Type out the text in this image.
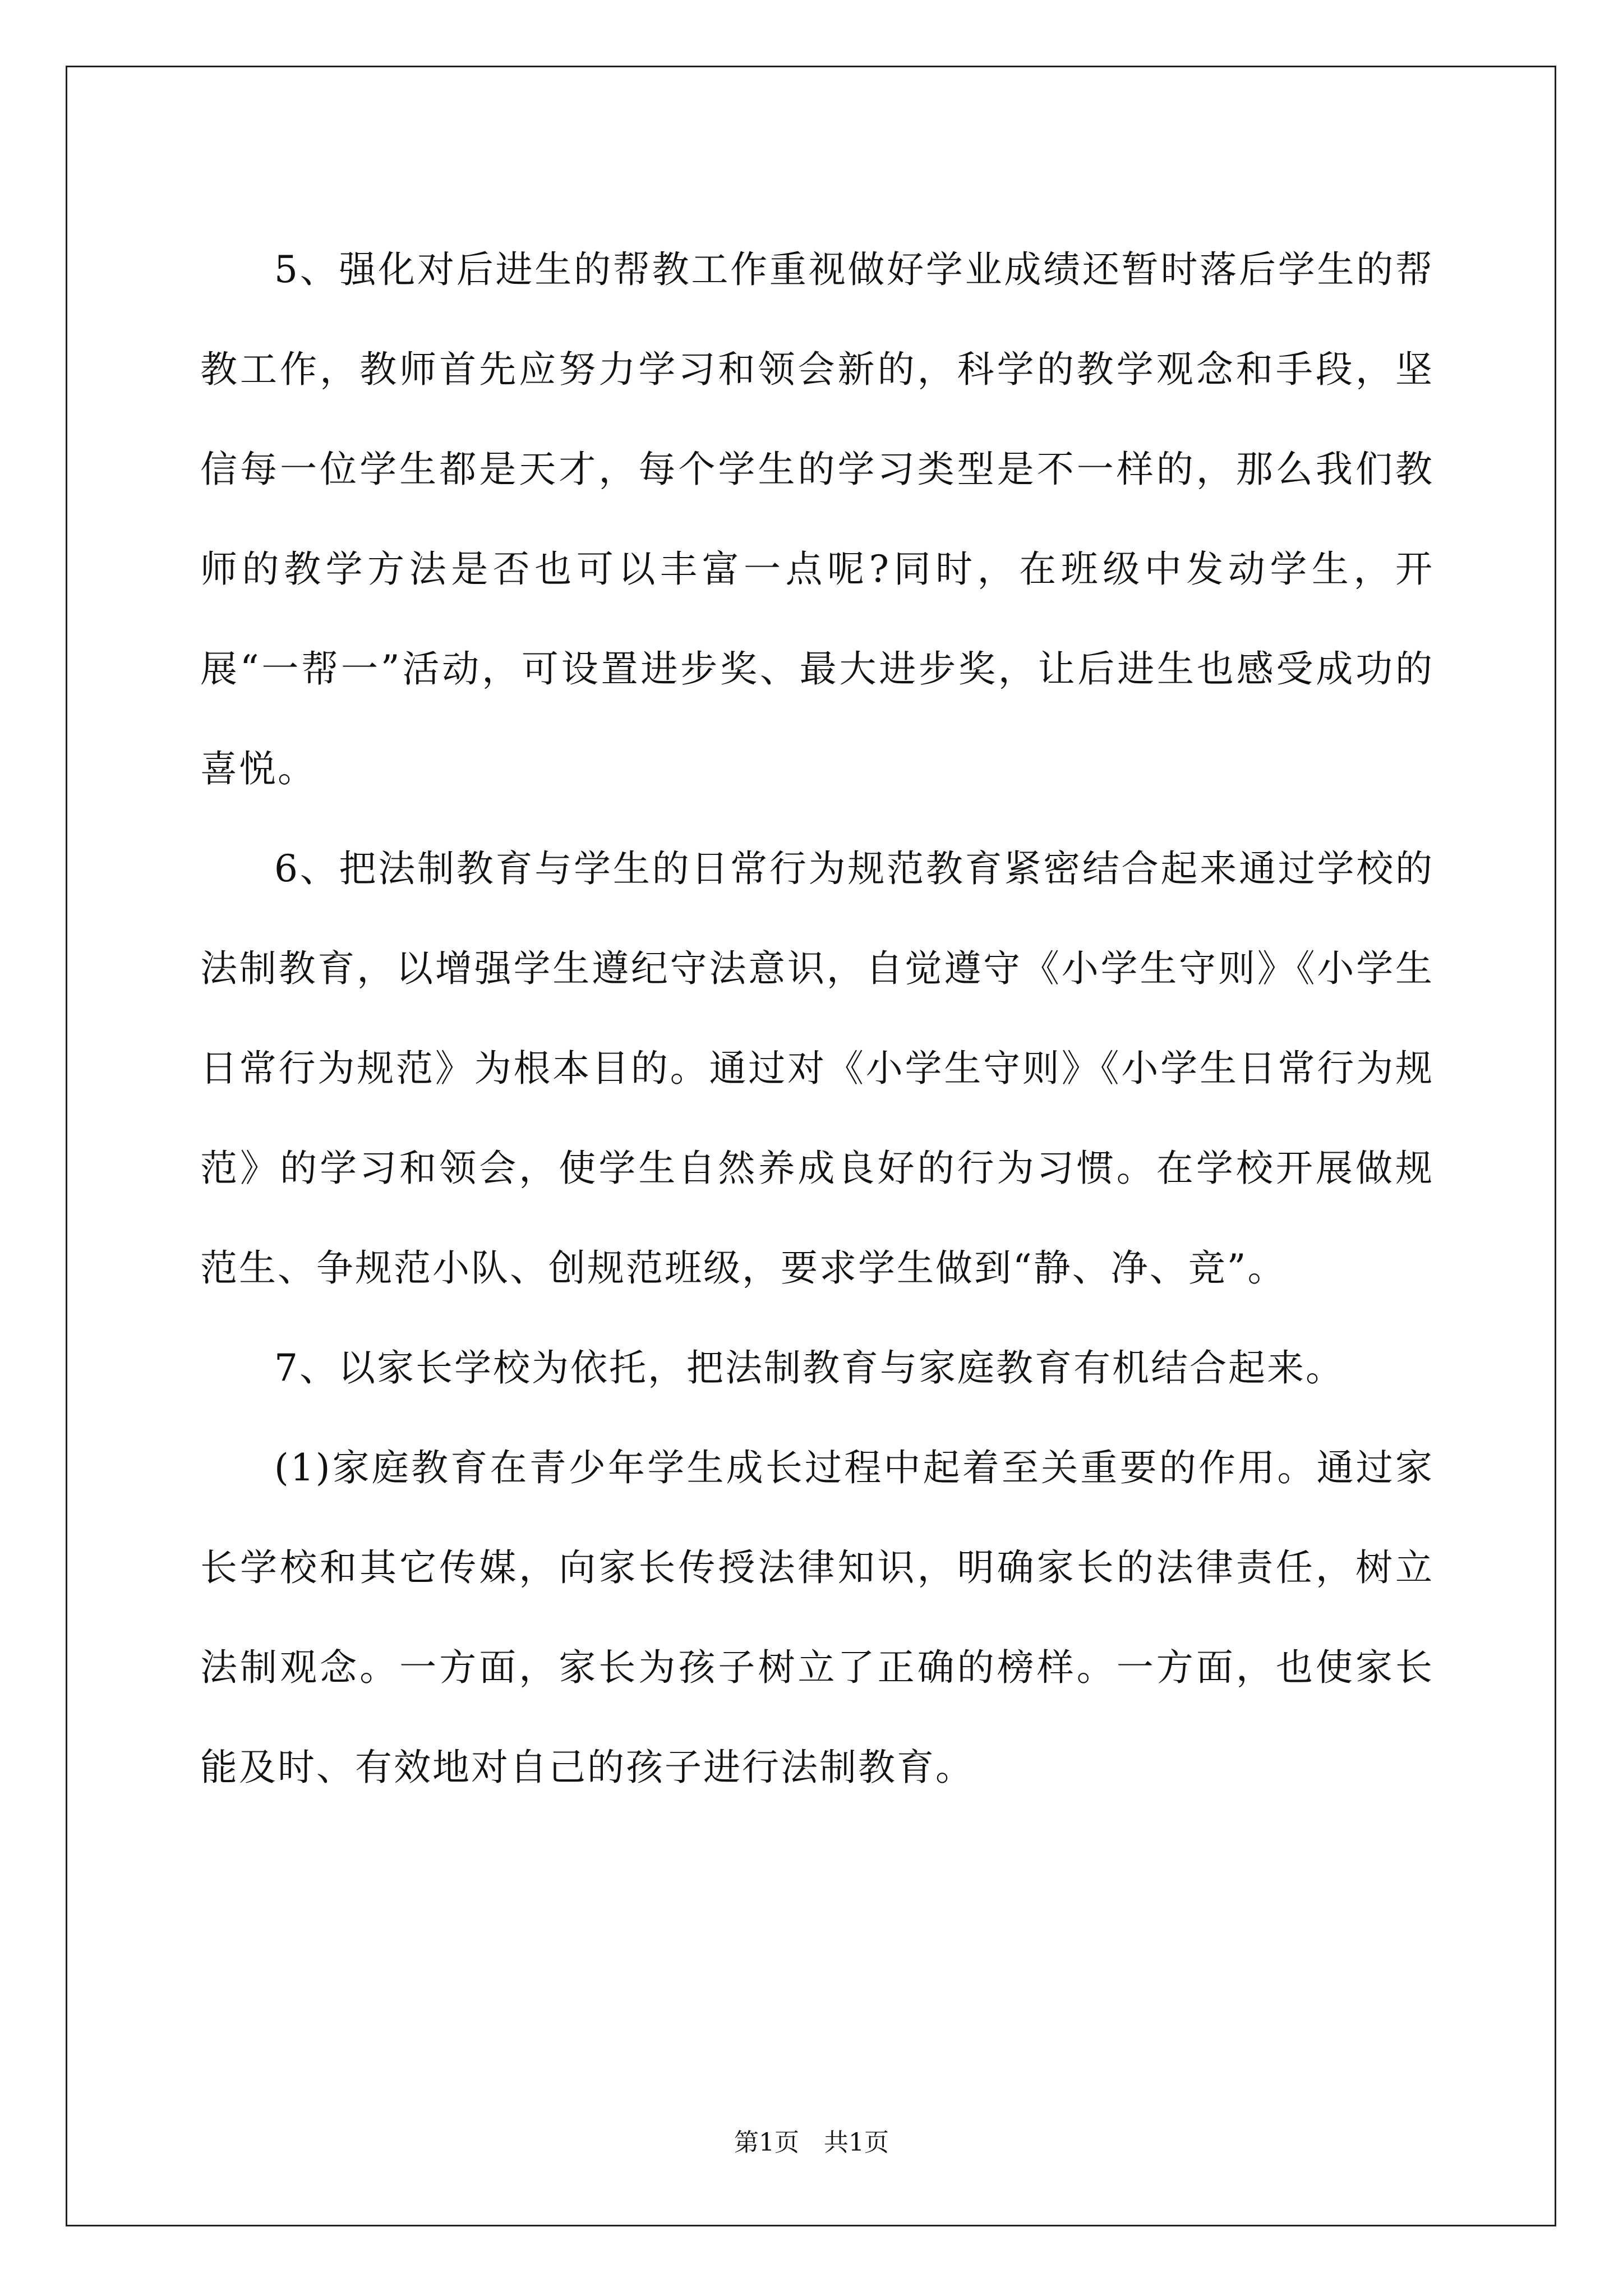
5、强化对后进生的帮教工作重视做好学业成绩还暂时落后学生的帮教工作，教师首先应努力学习和领会新的，科学的教学观念和手段，坚信每一位学生都是天才，每个学生的学习类型是不一样的，那么我们教师的教学方法是否也可以丰富一点呢?同时，在班级中发动学生，开展“一帮一”活动，可设置进步奖、最大进步奖，让后进生也感受成功的喜悦。

6、把法制教育与学生的日常行为规范教育紧密结合起来通过学校的法制教育，以增强学生遵纪守法意识，自觉遵守《小学生守则》《小学生日常行为规范》为根本目的。通过对《小学生守则》《小学生日常行为规范》的学习和领会，使学生自然养成良好的行为习惯。在学校开展做规范生、争规范小队、创规范班级，要求学生做到“静、净、竞”。

7、以家长学校为依托，把法制教育与家庭教育有机结合起来。

(1)家庭教育在青少年学生成长过程中起着至关重要的作用。通过家长学校和其它传媒，向家长传授法律知识，明确家长的法律责任，树立法制观念。一方面，家长为孩子树立了正确的榜样。一方面，也使家长能及时、有效地对自己的孩子进行法制教育。

第1页 共1页
